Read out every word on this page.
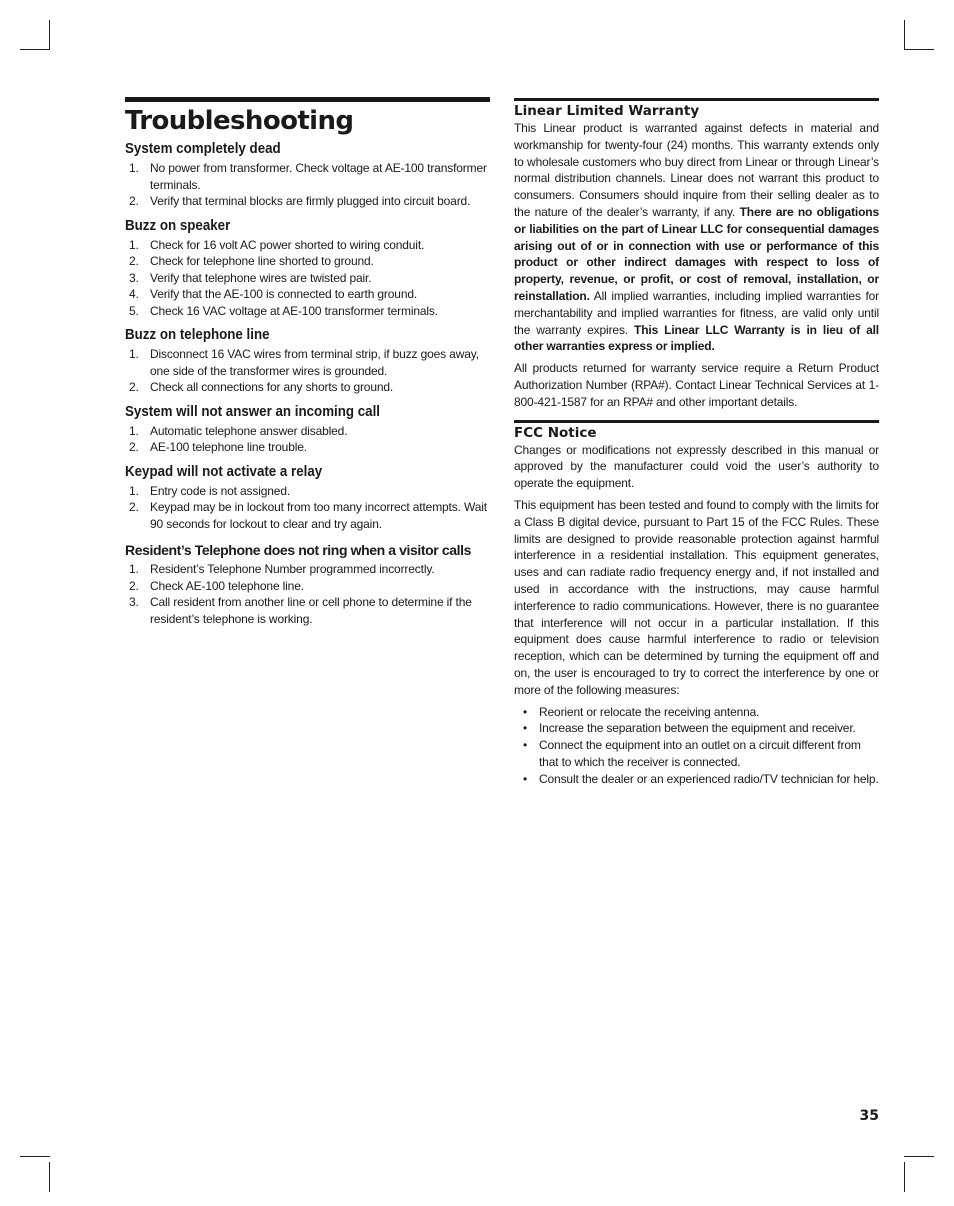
Troubleshooting
System completely dead
1. No power from transformer. Check voltage at AE-100 transformer terminals.
2. Verify that terminal blocks are firmly plugged into circuit board.
Buzz on speaker
1. Check for 16 volt AC power shorted to wiring conduit.
2. Check for telephone line shorted to ground.
3. Verify that telephone wires are twisted pair.
4. Verify that the AE-100 is connected to earth ground.
5. Check 16 VAC voltage at AE-100 transformer terminals.
Buzz on telephone line
1. Disconnect 16 VAC wires from terminal strip, if buzz goes away, one side of the transformer wires is grounded.
2. Check all connections for any shorts to ground.
System will not answer an incoming call
1. Automatic telephone answer disabled.
2. AE-100 telephone line trouble.
Keypad will not activate a relay
1. Entry code is not assigned.
2. Keypad may be in lockout from too many incorrect attempts. Wait 90 seconds for lockout to clear and try again.
Resident’s Telephone does not ring when a visitor calls
1. Resident’s Telephone Number programmed incorrectly.
2. Check AE-100 telephone line.
3. Call resident from another line or cell phone to determine if the resident’s telephone is working.
Linear Limited Warranty

This Linear product is warranted against defects in material and workmanship for twenty-four (24) months. This warranty extends only to wholesale customers who buy direct from Linear or through Linear’s normal distribution channels. Linear does not warrant this product to consumers. Consumers should inquire from their selling dealer as to the nature of the dealer’s warranty, if any. There are no obligations or liabilities on the part of Linear LLC for consequential damages arising out of or in connection with use or performance of this product or other indirect damages with respect to loss of property, revenue, or profit, or cost of removal, installation, or reinstallation. All implied warranties, including implied warranties for merchantability and implied warranties for fitness, are valid only until the warranty expires. This Linear LLC Warranty is in lieu of all other warranties express or implied.

All products returned for warranty service require a Return Product Authorization Number (RPA#). Contact Linear Technical Services at 1-800-421-1587 for an RPA# and other important details.

FCC Notice

Changes or modifications not expressly described in this manual or approved by the manufacturer could void the user’s authority to operate the equipment.

This equipment has been tested and found to comply with the limits for a Class B digital device, pursuant to Part 15 of the FCC Rules. These limits are designed to provide reasonable protection against harmful interference in a residential installation. This equipment generates, uses and can radiate radio frequency energy and, if not installed and used in accordance with the instructions, may cause harmful interference to radio communications. However, there is no guarantee that interference will not occur in a particular installation. If this equipment does cause harmful interference to radio or television reception, which can be determined by turning the equipment off and on, the user is encouraged to try to correct the interference by one or more of the following measures:

• Reorient or relocate the receiving antenna.
• Increase the separation between the equipment and receiver.
• Connect the equipment into an outlet on a circuit different from that to which the receiver is connected.
• Consult the dealer or an experienced radio/TV technician for help.
35
